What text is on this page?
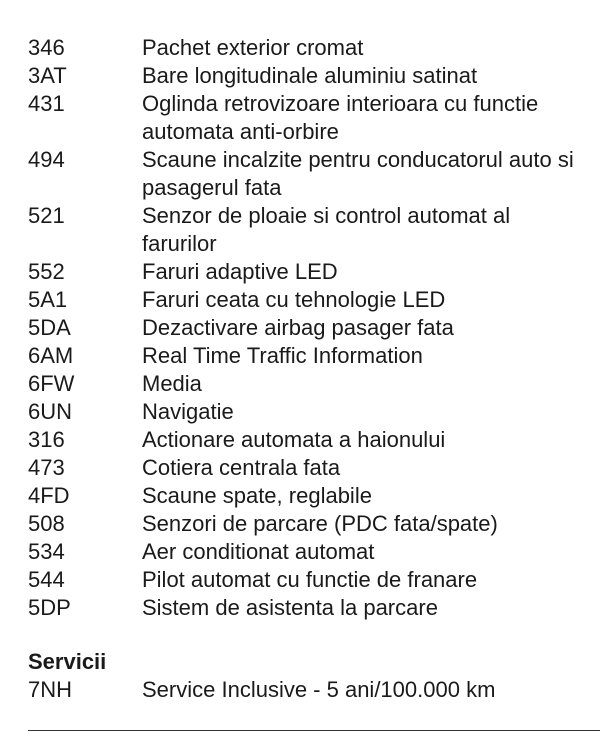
346	Pachet exterior cromat
3AT	Bare longitudinale aluminiu satinat
431	Oglinda retrovizoare interioara cu functie automata anti-orbire
494	Scaune incalzite pentru conducatorul auto si pasagerul fata
521	Senzor de ploaie si control automat al farurilor
552	Faruri adaptive LED
5A1	Faruri ceata cu tehnologie LED
5DA	Dezactivare airbag pasager fata
6AM	Real Time Traffic Information
6FW	Media
6UN	Navigatie
316	Actionare automata a haionului
473	Cotiera centrala fata
4FD	Scaune spate, reglabile
508	Senzori de parcare (PDC fata/spate)
534	Aer conditionat automat
544	Pilot automat cu functie de franare
5DP	Sistem de asistenta la parcare
Servicii
7NH	Service Inclusive - 5 ani/100.000 km
